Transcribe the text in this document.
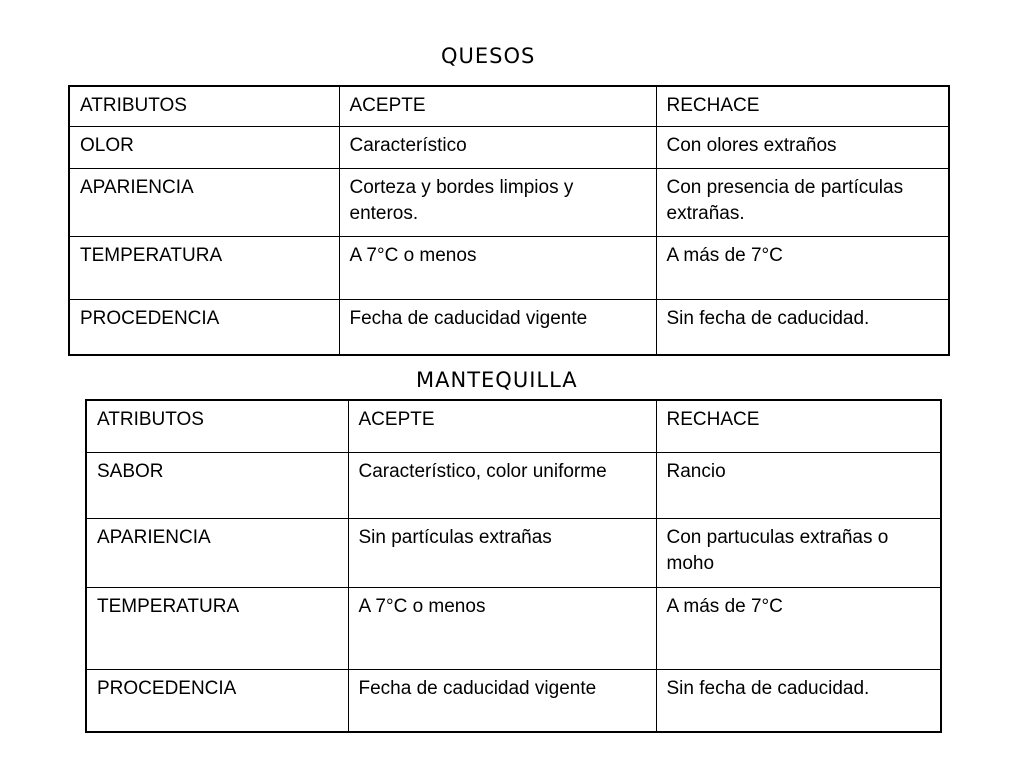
QUESOS
ATRIBUTOS	ACEPTE	RECHACE
OLOR	Característico	Con olores extraños
APARIENCIA	Corteza y bordes limpios y enteros.	Con presencia de partículas extrañas.
TEMPERATURA	A 7°C o menos	A más de 7°C
PROCEDENCIA	Fecha de caducidad vigente	Sin fecha de caducidad.
MANTEQUILLA
ATRIBUTOS	ACEPTE	RECHACE
SABOR	Característico, color uniforme	Rancio
APARIENCIA	Sin partículas extrañas	Con partuculas extrañas o moho
TEMPERATURA	A 7°C o menos	A más de 7°C
PROCEDENCIA	Fecha de caducidad vigente	Sin fecha de caducidad.
